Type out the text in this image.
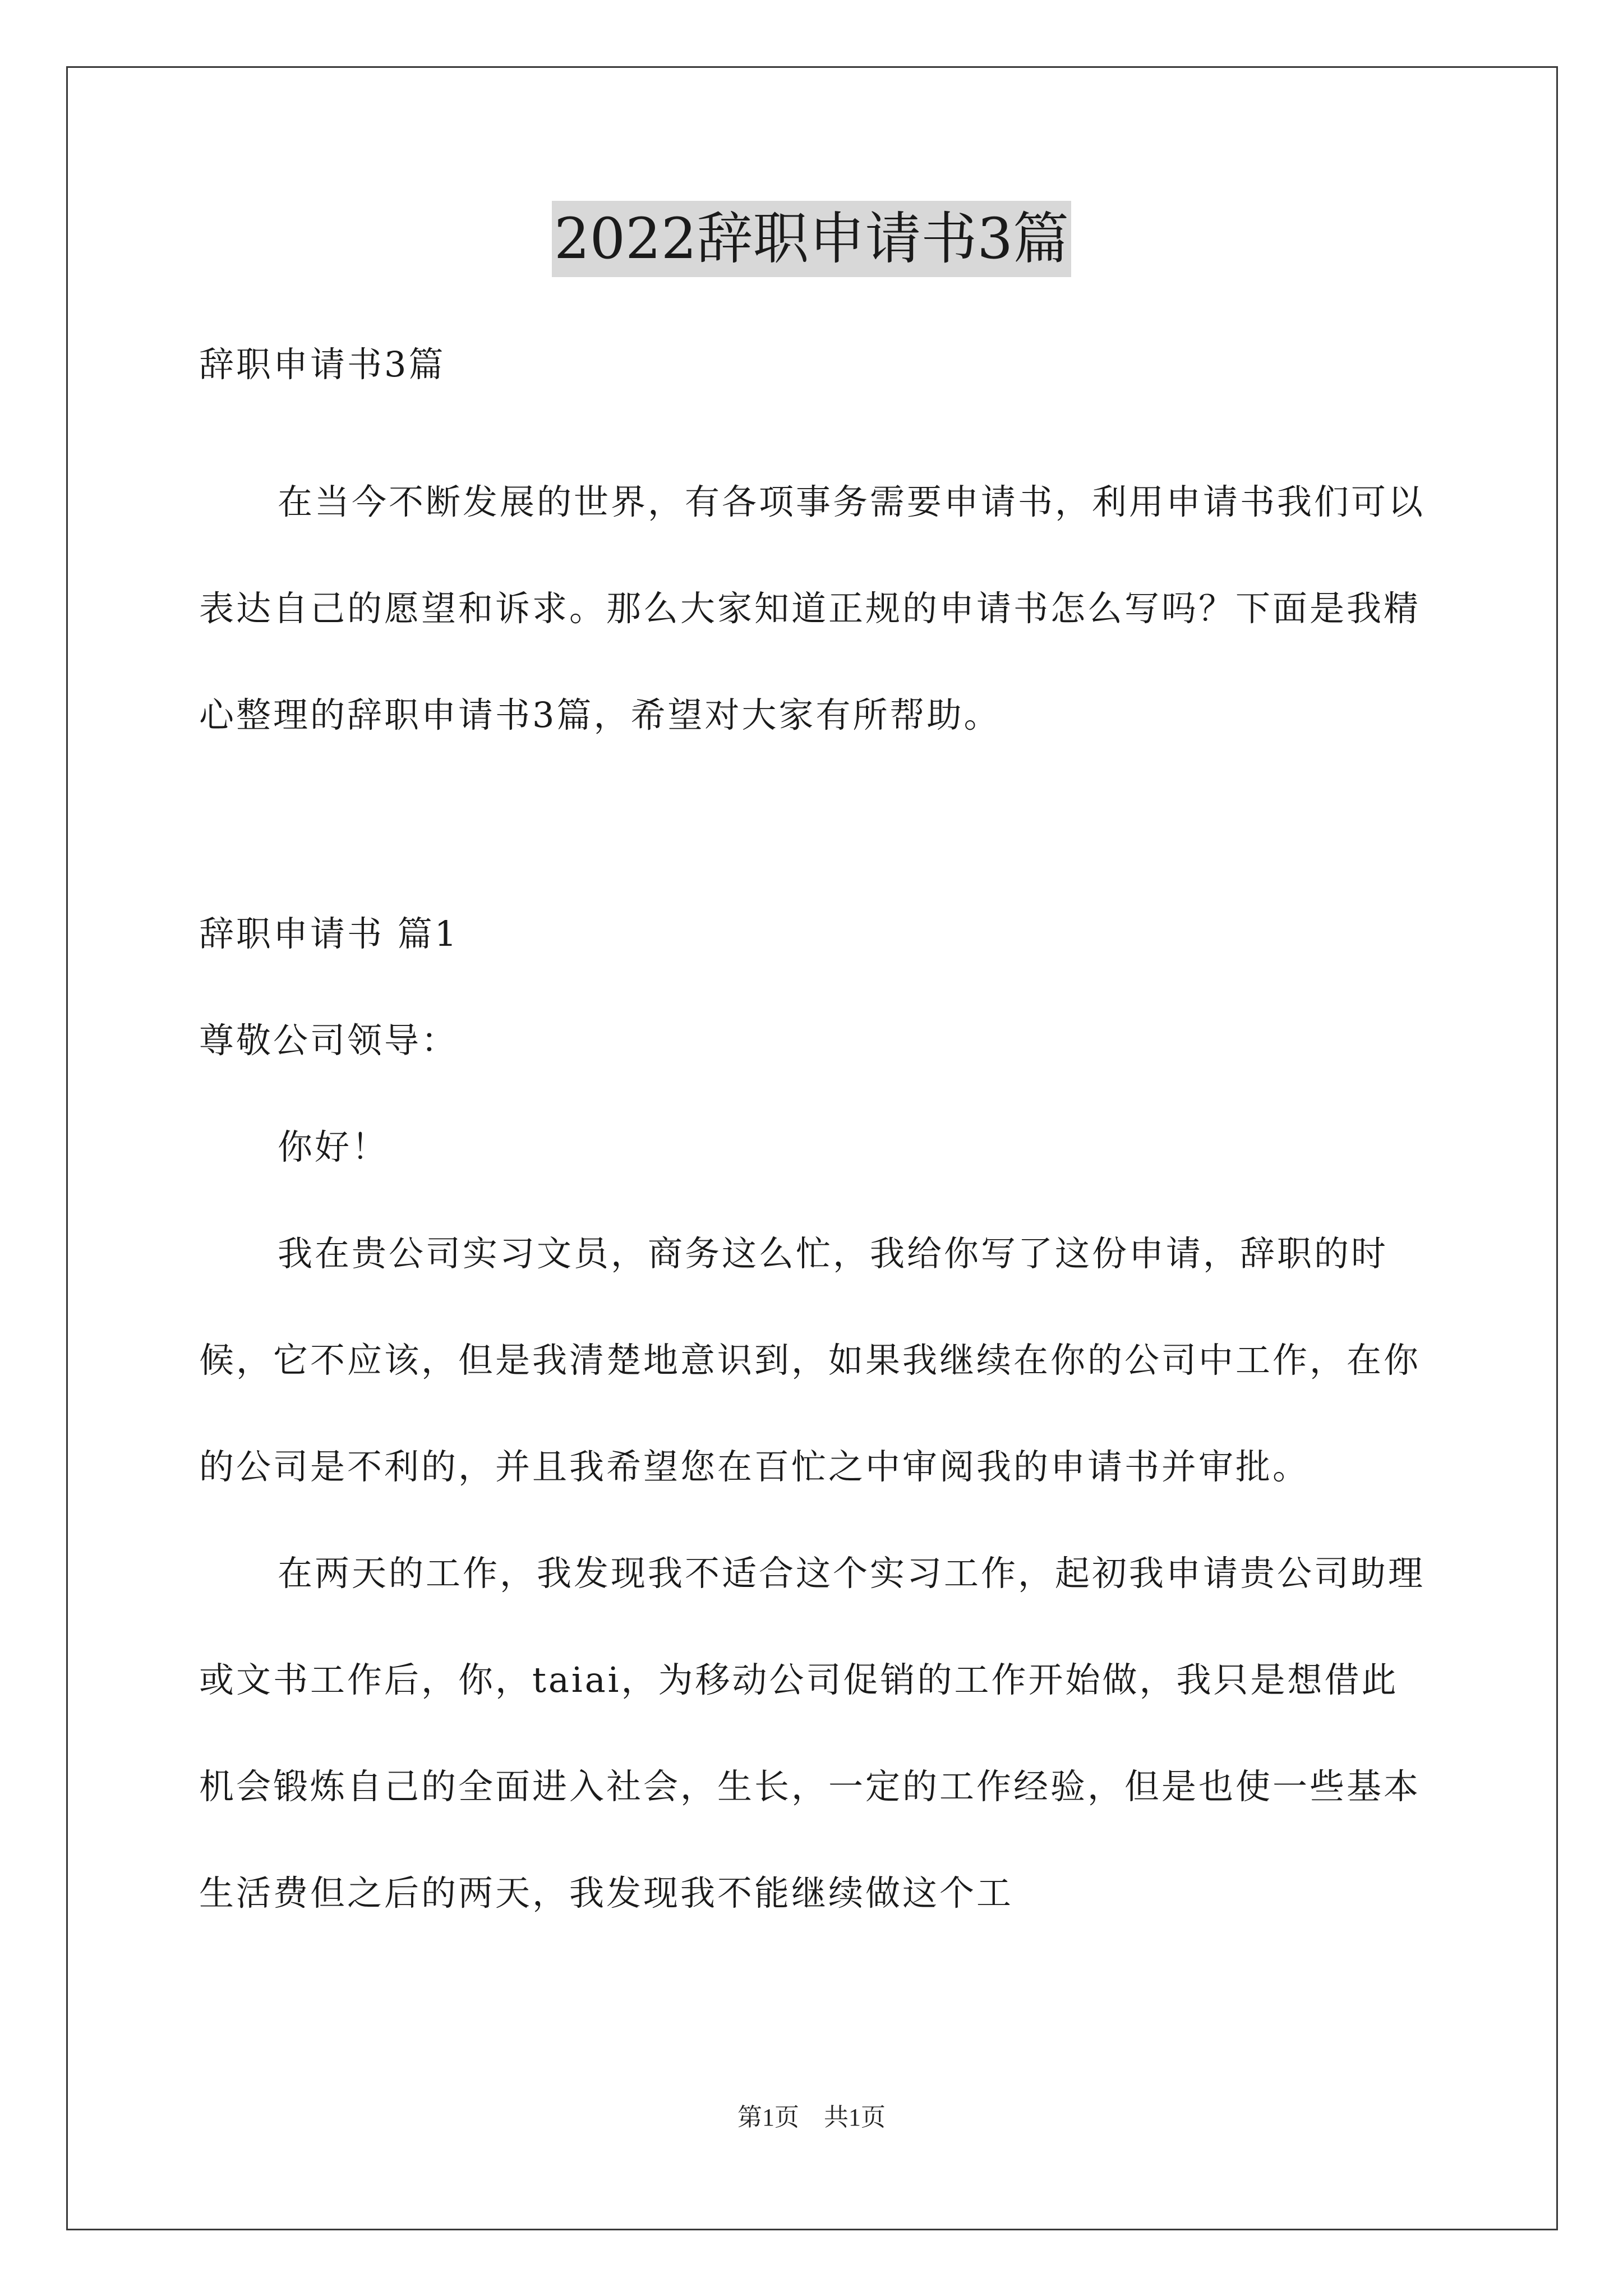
2022辞职申请书3篇

辞职申请书3篇

在当今不断发展的世界，有各项事务需要申请书，利用申请书我们可以表达自己的愿望和诉求。那么大家知道正规的申请书怎么写吗？下面是我精心整理的辞职申请书3篇，希望对大家有所帮助。

辞职申请书 篇1

尊敬公司领导：

你好！

我在贵公司实习文员，商务这么忙，我给你写了这份申请，辞职的时候，它不应该，但是我清楚地意识到，如果我继续在你的公司中工作，在你的公司是不利的，并且我希望您在百忙之中审阅我的申请书并审批。

在两天的工作，我发现我不适合这个实习工作，起初我申请贵公司助理或文书工作后，你，taiai，为移动公司促销的工作开始做，我只是想借此机会锻炼自己的全面进入社会，生长，一定的工作经验，但是也使一些基本生活费但之后的两天，我发现我不能继续做这个工

第1页　共1页
